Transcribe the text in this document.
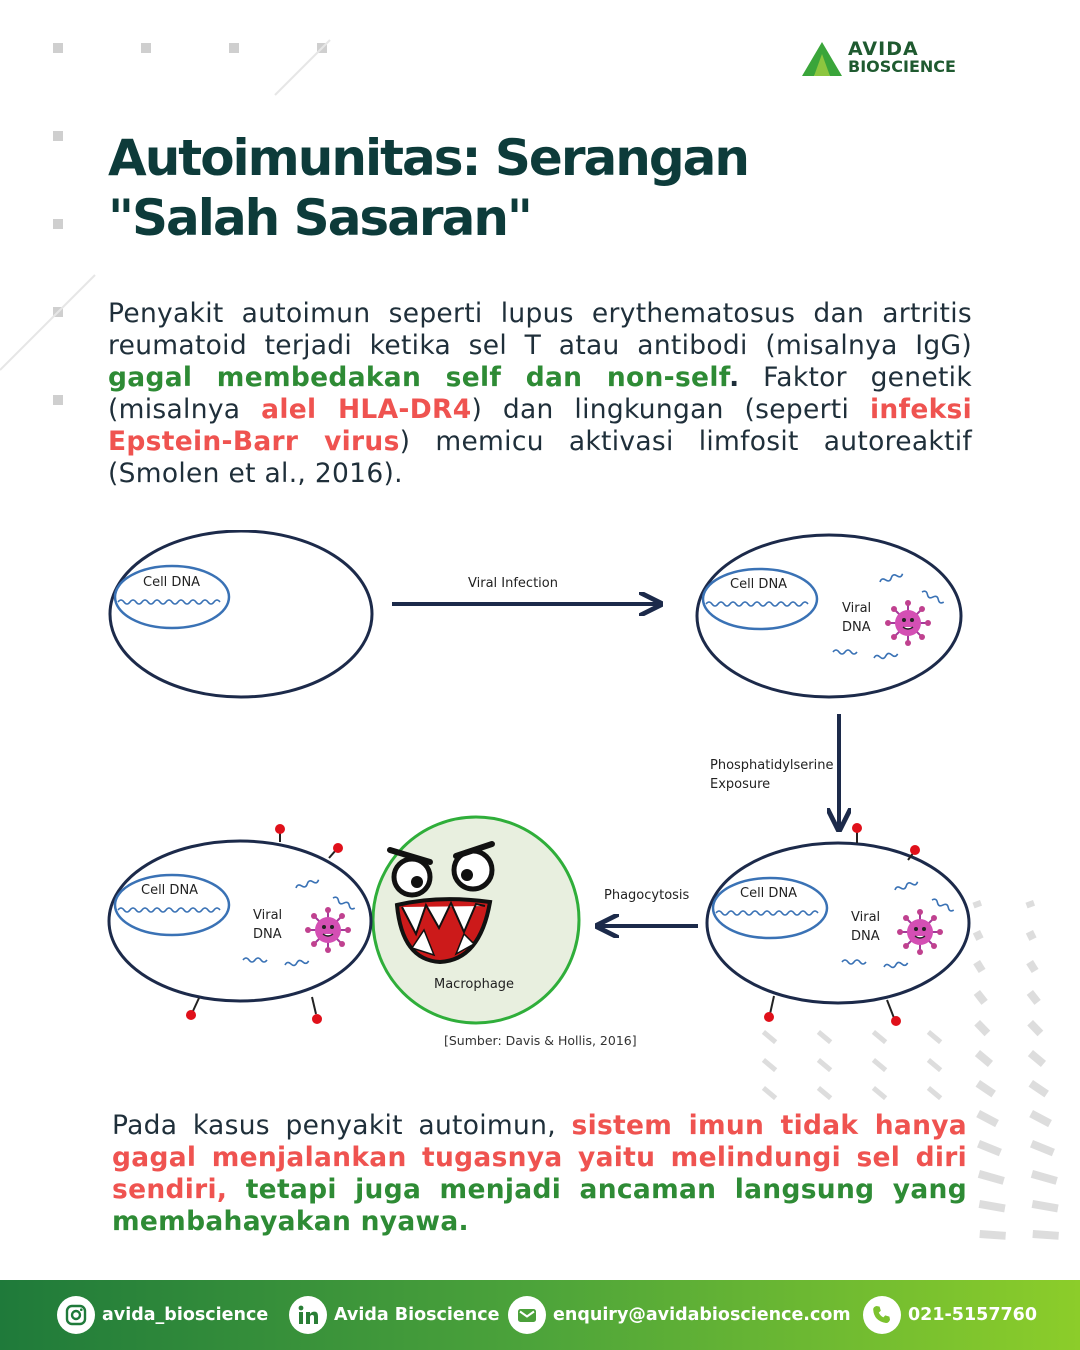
AVIDA
BIOSCIENCE
Autoimunitas: Serangan
"Salah Sasaran"

Penyakit autoimun seperti lupus erythematosus dan artritis reumatoid terjadi ketika sel T atau antibodi (misalnya IgG) gagal membedakan self dan non-self. Faktor genetik (misalnya alel HLA-DR4) dan lingkungan (seperti infeksi Epstein-Barr virus) memicu aktivasi limfosit autoreaktif (Smolen et al., 2016).

Cell DNA	Viral Infection	Cell DNA
Viral
DNA
Phosphatidylserine
Exposure
Cell DNA
Viral
DNA
Phagocytosis
Macrophage
Cell DNA
Viral
DNA
[Sumber: Davis & Hollis, 2016]

Pada kasus penyakit autoimun, sistem imun tidak hanya gagal menjalankan tugasnya yaitu melindungi sel diri sendiri, tetapi juga menjadi ancaman langsung yang membahayakan nyawa.

avida_bioscience	Avida Bioscience	enquiry@avidabioscience.com	021-5157760
